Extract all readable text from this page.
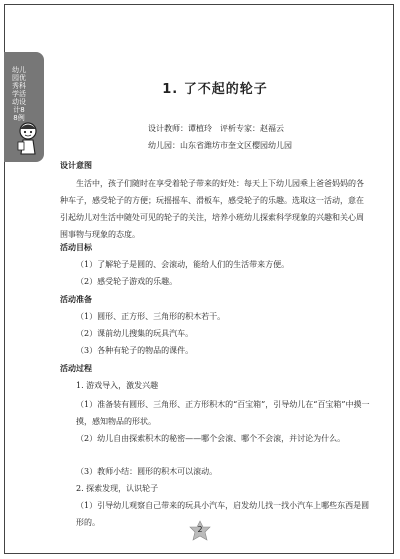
幼儿园优秀科学活动设计88例
1. 了不起的轮子
设计教师：谭植玲　评析专家：赵福云
幼儿园：山东省潍坊市奎文区樱园幼儿园
设计意图
生活中，孩子们随时在享受着轮子带来的好处：每天上下幼儿园乘上爸爸妈妈的各种车子，感受轮子的方便；玩摇摇车、滑板车，感受轮子的乐趣。选取这一活动，意在引起幼儿对生活中随处可见的轮子的关注，培养小班幼儿探索科学现象的兴趣和关心周围事物与现象的态度。
活动目标
（1）了解轮子是圆的、会滚动，能给人们的生活带来方便。
（2）感受轮子游戏的乐趣。
活动准备
（1）圆形、正方形、三角形的积木若干。
（2）课前幼儿搜集的玩具汽车。
（3）各种有轮子的物品的课件。
活动过程
1. 游戏导入，激发兴趣
（1）准备装有圆形、三角形、正方形积木的“百宝箱”，引导幼儿在“百宝箱”中摸一摸，感知物品的形状。
（2）幼儿自由探索积木的秘密——哪个会滚、哪个不会滚，并讨论为什么。
（3）教师小结：圆形的积木可以滚动。
2. 探索发现，认识轮子
（1）引导幼儿观察自己带来的玩具小汽车，启发幼儿找一找小汽车上哪些东西是圆形的。
2
